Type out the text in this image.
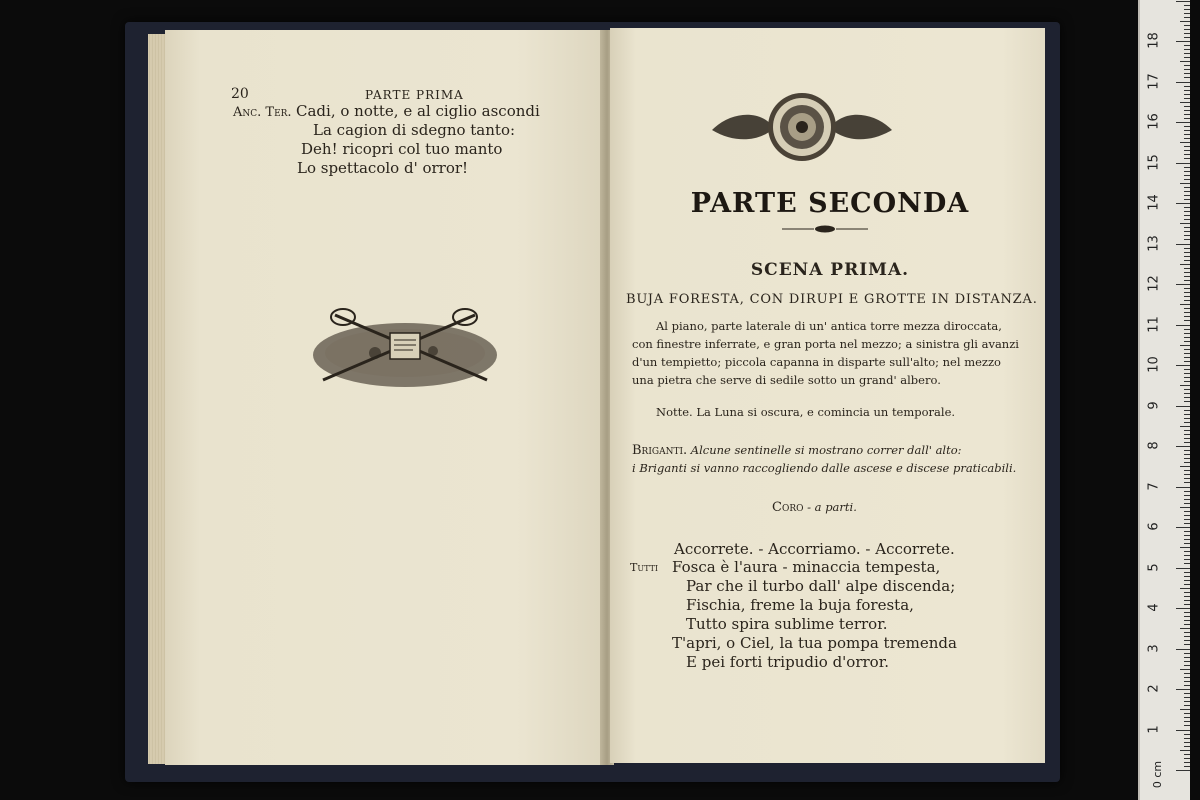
20	PARTE PRIMA
Anc. Ter. Cadi, o notte, e al ciglio ascondi
La cagion di sdegno tanto:
Deh! ricopri col tuo manto
Lo spettacolo d' orror!
PARTE SECONDA
SCENA PRIMA.
BUJA FORESTA, CON DIRUPI E GROTTE IN DISTANZA.
Al piano, parte laterale di un' antica torre mezza diroccata,
con finestre inferrate, e gran porta nel mezzo; a sinistra gli avanzi
d'un tempietto; piccola capanna in disparte sull'alto; nel mezzo
una pietra che serve di sedile sotto un grand' albero.
Notte. La Luna si oscura, e comincia un temporale.
Briganti. Alcune sentinelle si mostrano correr dall' alto:
i Briganti si vanno raccogliendo dalle ascese e discese praticabili.
Coro - a parti.
Accorrete. - Accorriamo. - Accorrete.
Tutti Fosca è l'aura - minaccia tempesta,
Par che il turbo dall' alpe discenda;
Fischia, freme la buja foresta,
Tutto spira sublime terror.
T'apri, o Ciel, la tua pompa tremenda
E pei forti tripudio d'orror.
0 cm
1
2
3
4
5
6
7
8
9
10
11
12
13
14
15
16
17
18
